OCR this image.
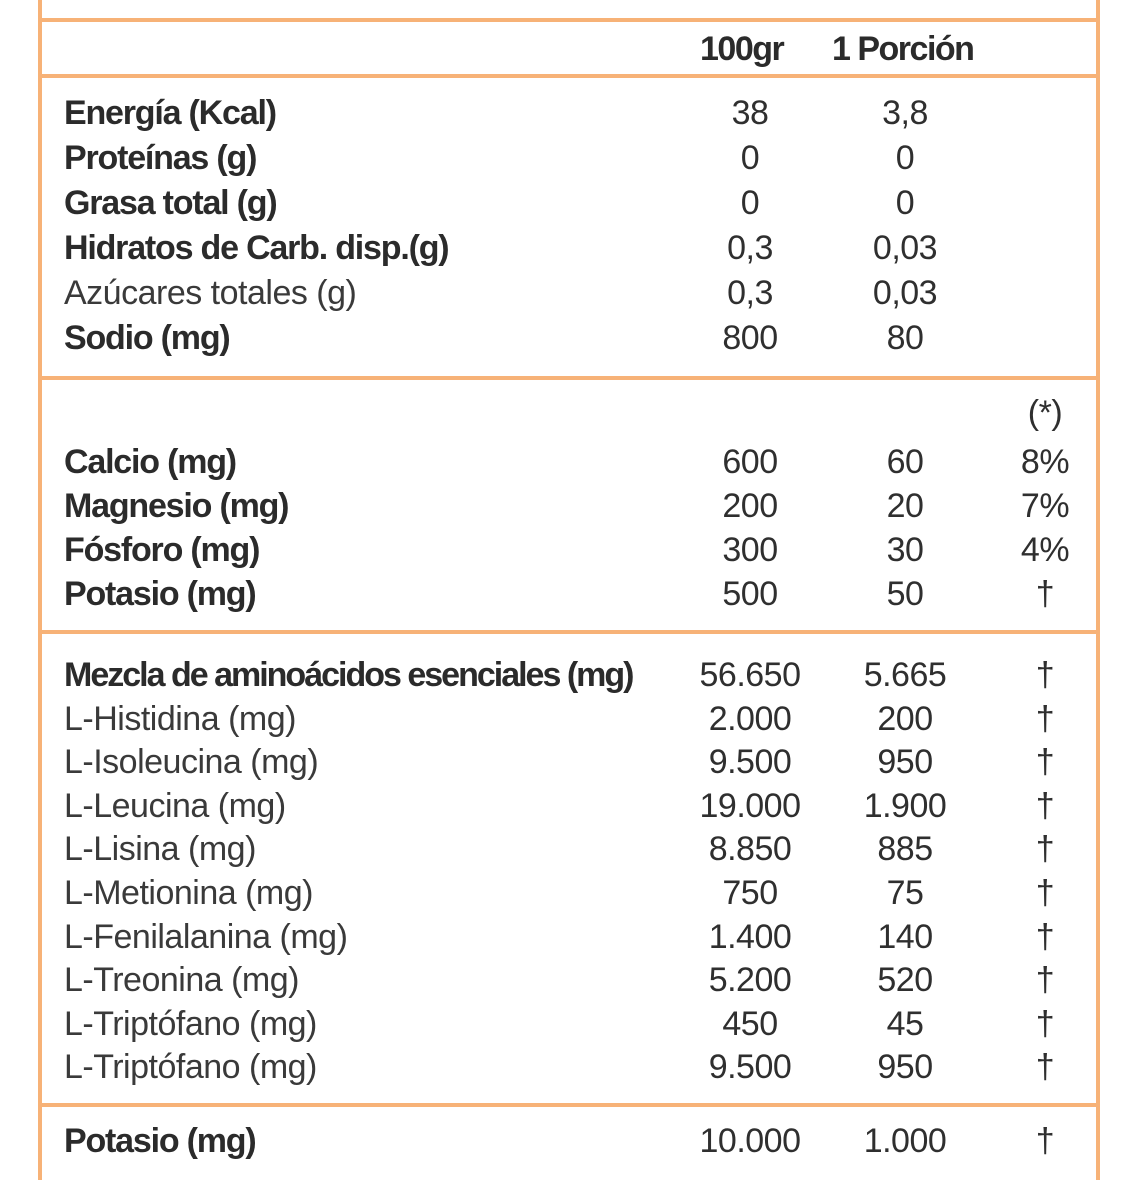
100gr 1 Porción
Energía (Kcal)	38	3,8
Proteínas (g)	0	0
Grasa total (g)	0	0
Hidratos de Carb. disp.(g)	0,3	0,03
Azúcares totales (g)	0,3	0,03
Sodio (mg)	800	80
(*)
Calcio (mg)	600	60	8%
Magnesio (mg)	200	20	7%
Fósforo (mg)	300	30	4%
Potasio (mg)	500	50	†
Mezcla de aminoácidos esenciales (mg)	56.650	5.665	†
L-Histidina (mg)	2.000	200	†
L-Isoleucina (mg)	9.500	950	†
L-Leucina (mg)	19.000	1.900	†
L-Lisina (mg)	8.850	885	†
L-Metionina (mg)	750	75	†
L-Fenilalanina (mg)	1.400	140	†
L-Treonina (mg)	5.200	520	†
L-Triptófano (mg)	450	45	†
L-Triptófano (mg)	9.500	950	†
Potasio (mg)	10.000	1.000	†
